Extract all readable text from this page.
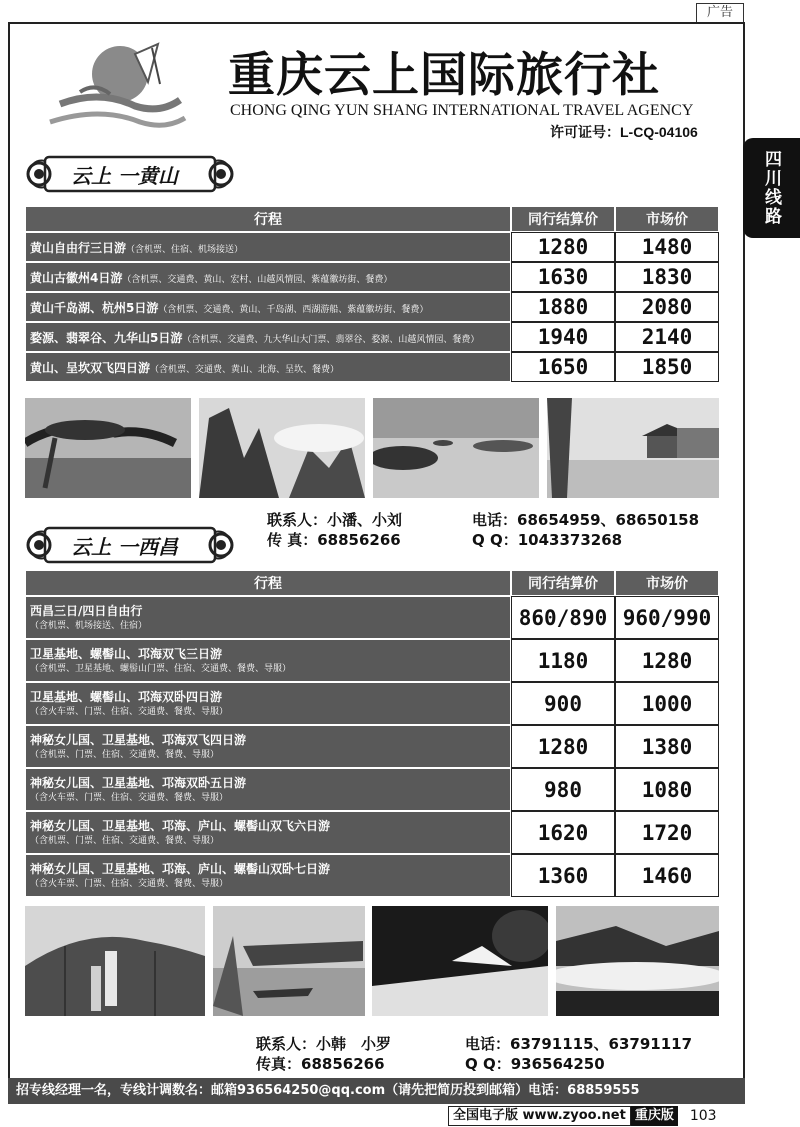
广告
重庆云上国际旅行社
CHONG QING YUN SHANG INTERNATIONAL TRAVEL AGENCY
许可证号：L-CQ-04106
四川线路
云上 一黄山
行程	同行结算价	市场价
黄山自由行三日游（含机票、住宿、机场接送）	1280	1480
黄山古徽州4日游（含机票、交通费、黄山、宏村、山越风情园、紫蕴徽坊街、餐费）	1630	1830
黄山千岛湖、杭州5日游（含机票、交通费、黄山、千岛湖、西湖游船、紫蕴徽坊街、餐费）	1880	2080
婺源、翡翠谷、九华山5日游（含机票、交通费、九大华山大门票、翡翠谷、婺源、山越风情园、餐费）	1940	2140
黄山、呈坎双飞四日游（含机票、交通费、黄山、北海、呈坎、餐费）	1650	1850
联系人：小潘、小刘	电话：68654959、68650158
传 真：68856266	Q Q：1043373268
云上 一西昌
行程	同行结算价	市场价
西昌三日/四日自由行
（含机票、机场接送、住宿）	860/890	960/990
卫星基地、螺髻山、邛海双飞三日游
（含机票、卫星基地、螺髻山门票、住宿、交通费、餐费、导服）	1180	1280
卫星基地、螺髻山、邛海双卧四日游
（含火车票、门票、住宿、交通费、餐费、导服）	900	1000
神秘女儿国、卫星基地、邛海双飞四日游
（含机票、门票、住宿、交通费、餐费、导服）	1280	1380
神秘女儿国、卫星基地、邛海双卧五日游
（含火车票、门票、住宿、交通费、餐费、导服）	980	1080
神秘女儿国、卫星基地、邛海、庐山、螺髻山双飞六日游
（含机票、门票、住宿、交通费、餐费、导服）	1620	1720
神秘女儿国、卫星基地、邛海、庐山、螺髻山双卧七日游
（含火车票、门票、住宿、交通费、餐费、导服）	1360	1460
联系人：小韩　小罗	电话：63791115、63791117
传真：68856266	Q Q：936564250
招专线经理一名，专线计调数名：邮箱936564250@qq.com（请先把简历投到邮箱）电话：68859555
全国电子版 www.zyoo.net 重庆版 103
